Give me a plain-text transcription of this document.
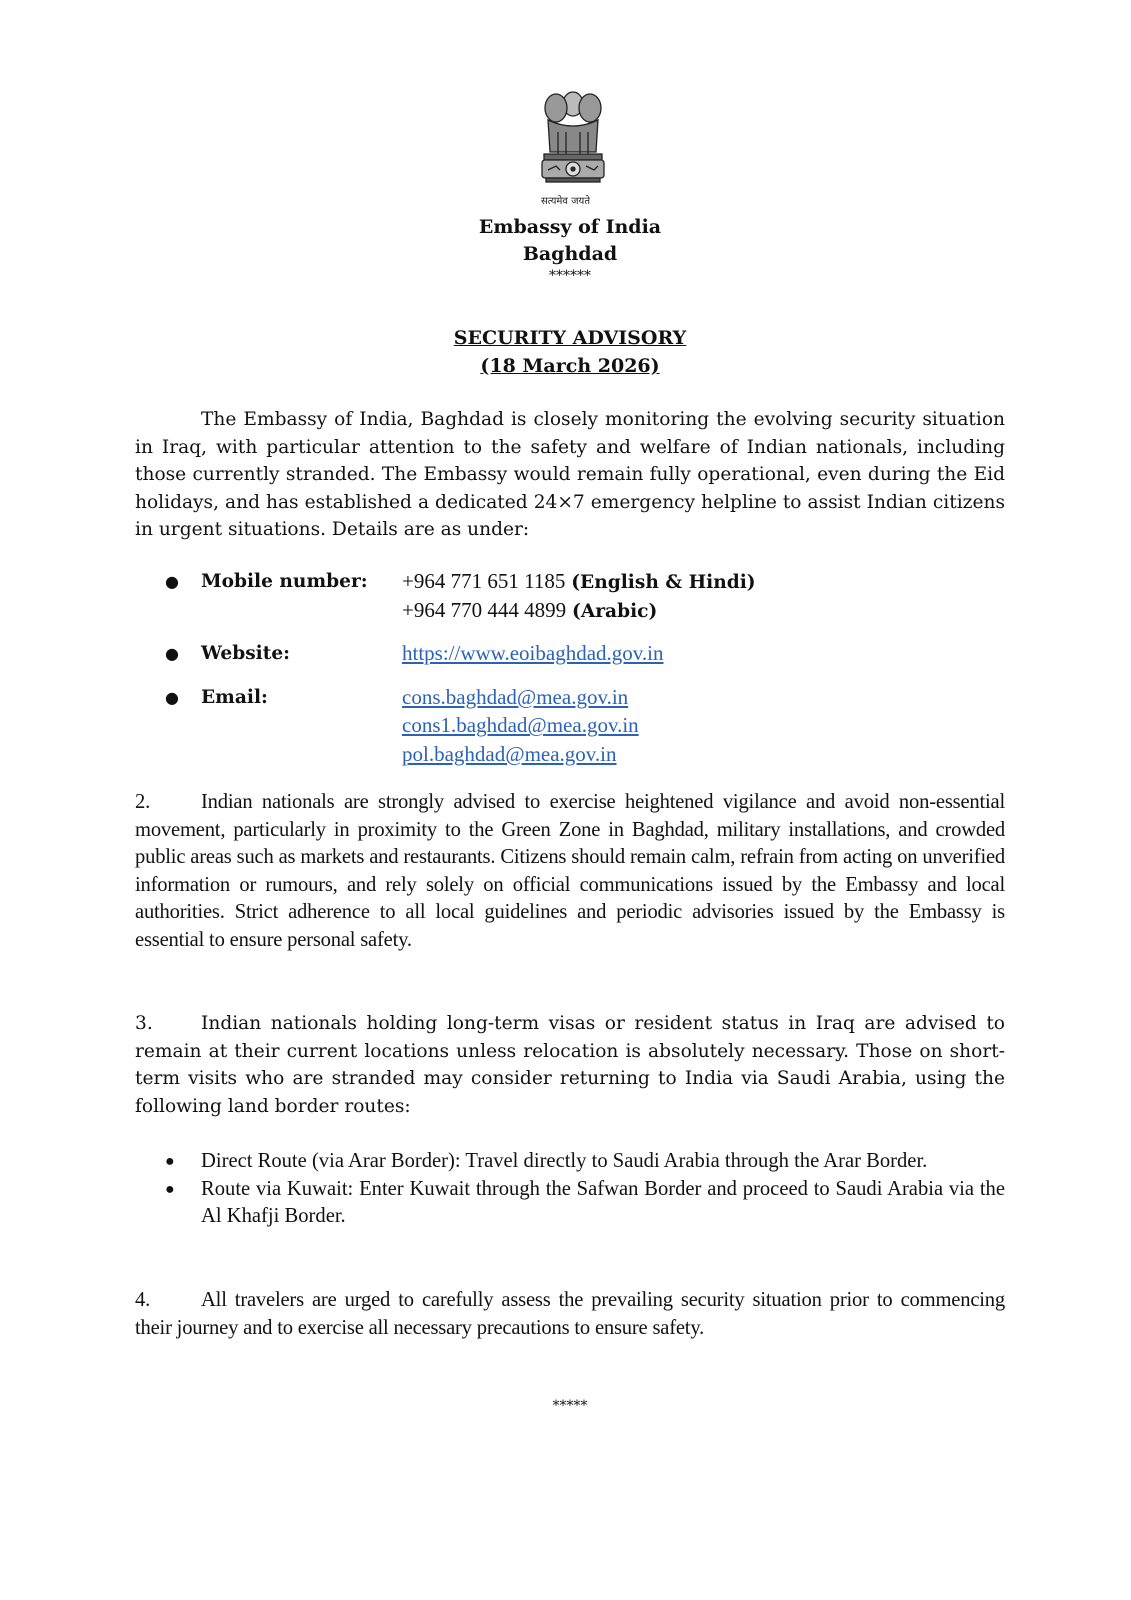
सत्यमेव जयते
Embassy of India
Baghdad
******
SECURITY ADVISORY
(18 March 2026)

The Embassy of India, Baghdad is closely monitoring the evolving security situation in Iraq, with particular attention to the safety and welfare of Indian nationals, including those currently stranded. The Embassy would remain fully operational, even during the Eid holidays, and has established a dedicated 24×7 emergency helpline to assist Indian citizens in urgent situations. Details are as under:

● Mobile number: +964 771 651 1185 (English & Hindi)
+964 770 444 4899 (Arabic)
● Website:	https://www.eoibaghdad.gov.in
● Email:	cons.baghdad@mea.gov.in
cons1.baghdad@mea.gov.in
pol.baghdad@mea.gov.in

2. Indian nationals are strongly advised to exercise heightened vigilance and avoid non-essential movement, particularly in proximity to the Green Zone in Baghdad, military installations, and crowded public areas such as markets and restaurants. Citizens should remain calm, refrain from acting on unverified information or rumours, and rely solely on official communications issued by the Embassy and local authorities. Strict adherence to all local guidelines and periodic advisories issued by the Embassy is essential to ensure personal safety.

3.	Indian nationals holding long-term visas or resident status in Iraq are advised to remain at their current locations unless relocation is absolutely necessary. Those on short-term visits who are stranded may consider returning to India via Saudi Arabia, using the following land border routes:

● Direct Route (via Arar Border): Travel directly to Saudi Arabia through the Arar Border.
● Route via Kuwait: Enter Kuwait through the Safwan Border and proceed to Saudi Arabia via the Al Khafji Border.

4. All travelers are urged to carefully assess the prevailing security situation prior to commencing their journey and to exercise all necessary precautions to ensure safety.

*****
